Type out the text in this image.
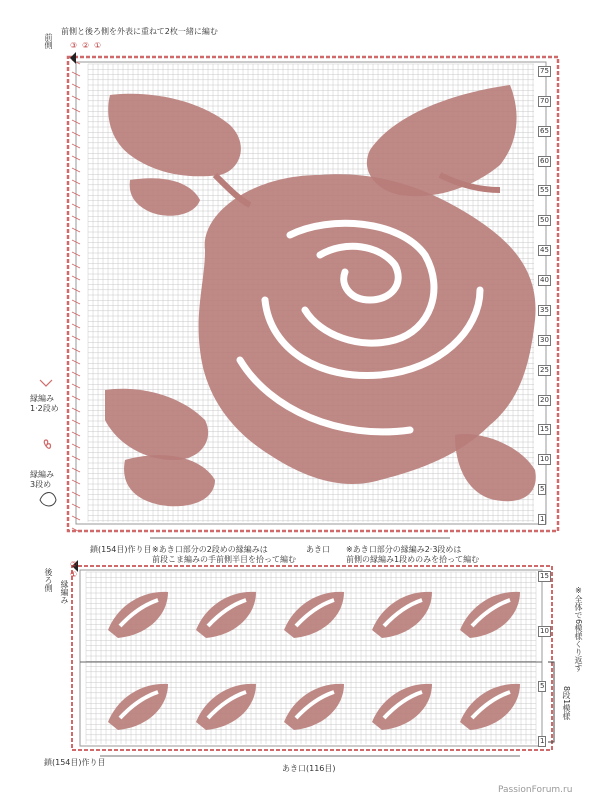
前側と後ろ側を外表に重ねて2枚一緒に編む
前側 ③ ② ①
縁編み
1·2段め
縁編み
3段め
鎖(154目)作り目 ※あき口部分の2段めの縁編みは
前段こま編みの手前側半目を拾って編む
あき口 ※あき口部分の縁編み2·3段めは
前側の縁編み1段めのみを拾って編む
後ろ側 縁編み
②
①
鎖(154目)作り目
あき口(116目)
※全体で6模様くり返す
8段1模様
1
5
10
15
20
25
30
35
40
45
50
55
60
65
70
75
1
5
10
15
PassionForum.ru
